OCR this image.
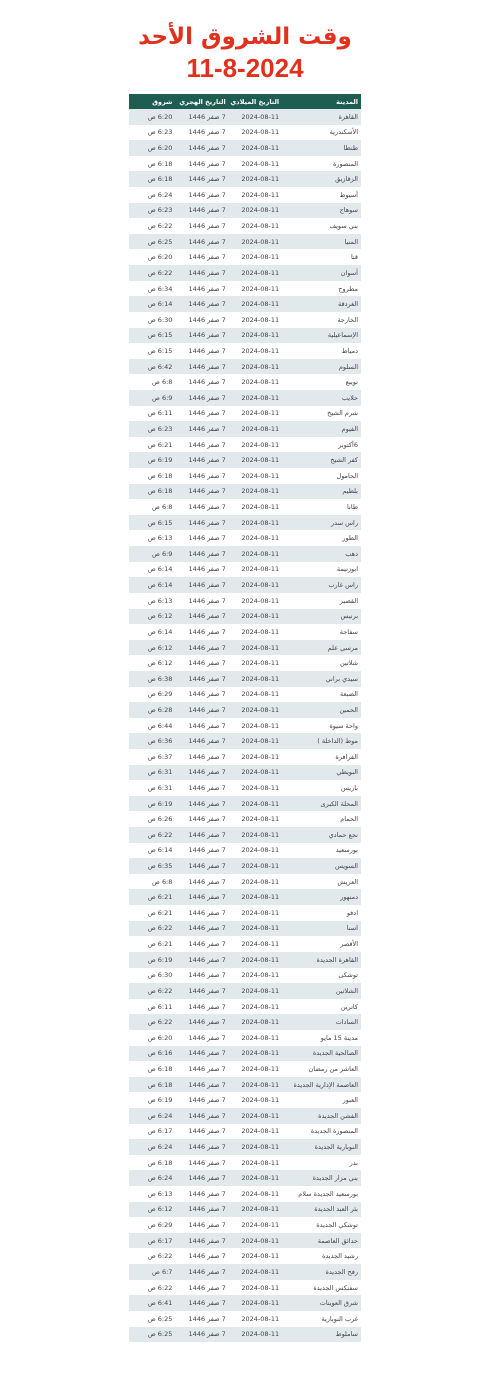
وقت الشروق الأحد
11-8-2024
المدينة	التاريخ الميلادي	التاريخ الهجري	شروق
القاهرة	2024-08-11	7 صفر 1446	6:20 ص
الأسكندرية	2024-08-11	7 صفر 1446	6:23 ص
طنطا	2024-08-11	7 صفر 1446	6:20 ص
المنصورة	2024-08-11	7 صفر 1446	6:18 ص
الزقازيق	2024-08-11	7 صفر 1446	6:18 ص
أسيوط	2024-08-11	7 صفر 1446	6:24 ص
سوهاج	2024-08-11	7 صفر 1446	6:23 ص
بني سويف	2024-08-11	7 صفر 1446	6:22 ص
المنيا	2024-08-11	7 صفر 1446	6:25 ص
قنا	2024-08-11	7 صفر 1446	6:20 ص
أسوان	2024-08-11	7 صفر 1446	6:22 ص
مطروح	2024-08-11	7 صفر 1446	6:34 ص
الغردقة	2024-08-11	7 صفر 1446	6:14 ص
الخارجة	2024-08-11	7 صفر 1446	6:30 ص
الإسماعيلية	2024-08-11	7 صفر 1446	6:15 ص
دمياط	2024-08-11	7 صفر 1446	6:15 ص
السلوم	2024-08-11	7 صفر 1446	6:42 ص
نويبع	2024-08-11	7 صفر 1446	6:8 ص
حلايب	2024-08-11	7 صفر 1446	6:9 ص
شرم الشيخ	2024-08-11	7 صفر 1446	6:11 ص
الفيوم	2024-08-11	7 صفر 1446	6:23 ص
6أكتوبر	2024-08-11	7 صفر 1446	6:21 ص
كفر الشيخ	2024-08-11	7 صفر 1446	6:19 ص
الحامول	2024-08-11	7 صفر 1446	6:18 ص
بلطيم	2024-08-11	7 صفر 1446	6:18 ص
طابا	2024-08-11	7 صفر 1446	6:8 ص
راس سدر	2024-08-11	7 صفر 1446	6:15 ص
الطور	2024-08-11	7 صفر 1446	6:13 ص
دهب	2024-08-11	7 صفر 1446	6:9 ص
ابوزنيمة	2024-08-11	7 صفر 1446	6:14 ص
راس غارب	2024-08-11	7 صفر 1446	6:14 ص
القصير	2024-08-11	7 صفر 1446	6:13 ص
برنيس	2024-08-11	7 صفر 1446	6:12 ص
سفاجة	2024-08-11	7 صفر 1446	6:14 ص
مرسى علم	2024-08-11	7 صفر 1446	6:12 ص
شلاتين	2024-08-11	7 صفر 1446	6:12 ص
سيدي براني	2024-08-11	7 صفر 1446	6:38 ص
الضبعة	2024-08-11	7 صفر 1446	6:29 ص
الحمين	2024-08-11	7 صفر 1446	6:28 ص
واحة سيوة	2024-08-11	7 صفر 1446	6:44 ص
موط (الداخلة )	2024-08-11	7 صفر 1446	6:36 ص
الفرافرة	2024-08-11	7 صفر 1446	6:37 ص
البويطي	2024-08-11	7 صفر 1446	6:31 ص
باريس	2024-08-11	7 صفر 1446	6:31 ص
المحلة الكبرى	2024-08-11	7 صفر 1446	6:19 ص
الحمام	2024-08-11	7 صفر 1446	6:26 ص
نجع حمادي	2024-08-11	7 صفر 1446	6:22 ص
بورسعيد	2024-08-11	7 صفر 1446	6:14 ص
السويس	2024-08-11	7 صفر 1446	6:35 ص
العريش	2024-08-11	7 صفر 1446	6:8 ص
دمنهور	2024-08-11	7 صفر 1446	6:21 ص
ادفو	2024-08-11	7 صفر 1446	6:21 ص
اسنا	2024-08-11	7 صفر 1446	6:22 ص
الأقصر	2024-08-11	7 صفر 1446	6:21 ص
القاهرة الجديدة	2024-08-11	7 صفر 1446	6:19 ص
توشكى	2024-08-11	7 صفر 1446	6:30 ص
الشلاتين	2024-08-11	7 صفر 1446	6:22 ص
كاترين	2024-08-11	7 صفر 1446	6:11 ص
السادات	2024-08-11	7 صفر 1446	6:22 ص
مدينة 15 مايو	2024-08-11	7 صفر 1446	6:20 ص
الصالحية الجديدة	2024-08-11	7 صفر 1446	6:16 ص
العاشر من رمضان	2024-08-11	7 صفر 1446	6:18 ص
العاصمة الإدارية الجديدة	2024-08-11	7 صفر 1446	6:18 ص
العبور	2024-08-11	7 صفر 1446	6:19 ص
الفشن الجديدة	2024-08-11	7 صفر 1446	6:24 ص
المنصورة الجديدة	2024-08-11	7 صفر 1446	6:17 ص
النوبارية الجديدة	2024-08-11	7 صفر 1446	6:24 ص
بدر	2024-08-11	7 صفر 1446	6:18 ص
بني مزار الجديدة	2024-08-11	7 صفر 1446	6:24 ص
بورسعيد الجديدة سلام	2024-08-11	7 صفر 1446	6:13 ص
بئر العبد الجديدة	2024-08-11	7 صفر 1446	6:12 ص
توشكي الجديدة	2024-08-11	7 صفر 1446	6:29 ص
حدائق العاصمة	2024-08-11	7 صفر 1446	6:17 ص
رشيد الجديدة	2024-08-11	7 صفر 1446	6:22 ص
رفح الجديدة	2024-08-11	7 صفر 1446	6:7 ص
سفنكس الجديدة	2024-08-11	7 صفر 1446	6:22 ص
شرق العوينات	2024-08-11	7 صفر 1446	6:41 ص
غرب النوبارية	2024-08-11	7 صفر 1446	6:25 ص
ساملوط	2024-08-11	7 صفر 1446	6:25 ص
